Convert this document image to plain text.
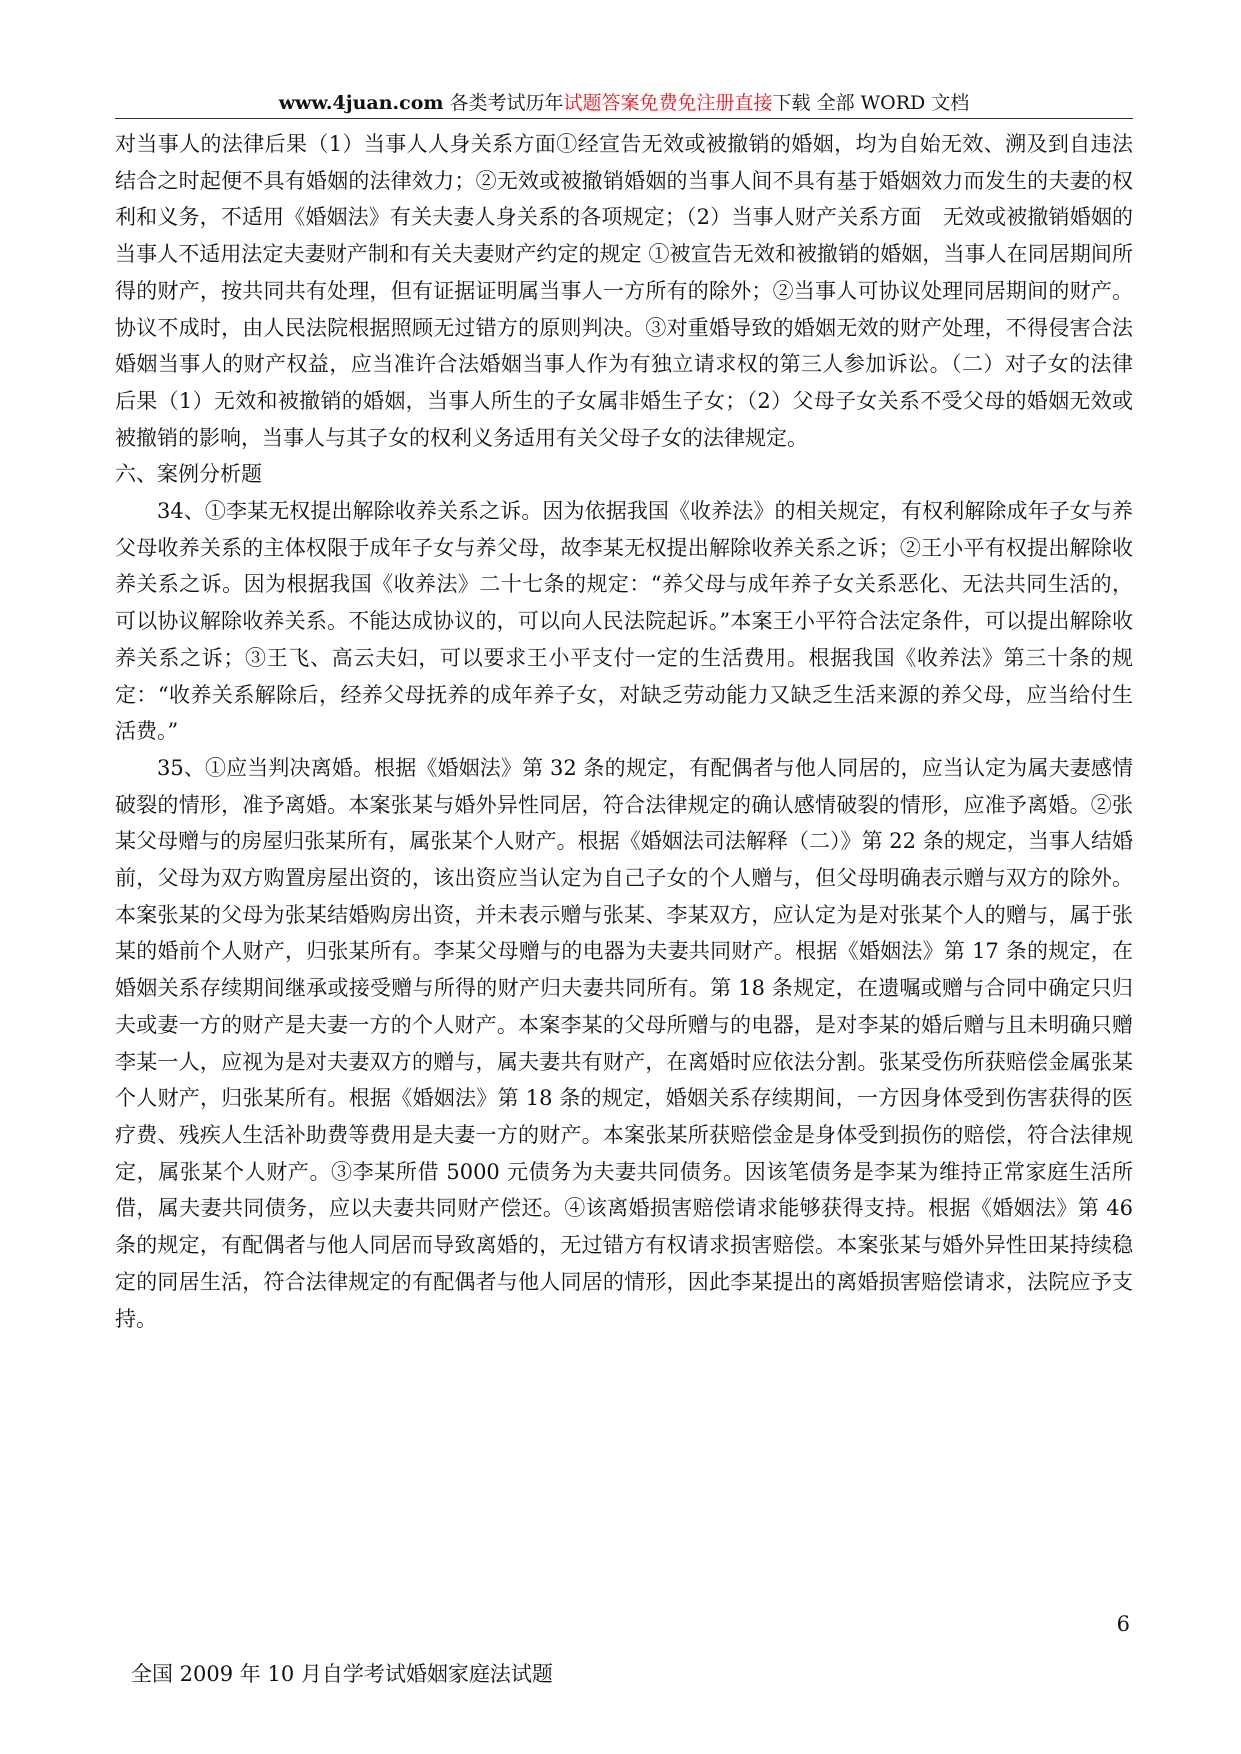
www.4juan.com 各类考试历年试题答案免费免注册直接下载 全部 WORD 文档

对当事人的法律后果（1）当事人人身关系方面①经宣告无效或被撤销的婚姻，均为自始无效、溯及到自违法结合之时起便不具有婚姻的法律效力；②无效或被撤销婚姻的当事人间不具有基于婚姻效力而发生的夫妻的权利和义务，不适用《婚姻法》有关夫妻人身关系的各项规定；（2）当事人财产关系方面　无效或被撤销婚姻的当事人不适用法定夫妻财产制和有关夫妻财产约定的规定 ①被宣告无效和被撤销的婚姻，当事人在同居期间所得的财产，按共同共有处理，但有证据证明属当事人一方所有的除外；②当事人可协议处理同居期间的财产。协议不成时，由人民法院根据照顾无过错方的原则判决。③对重婚导致的婚姻无效的财产处理，不得侵害合法婚姻当事人的财产权益，应当准许合法婚姻当事人作为有独立请求权的第三人参加诉讼。（二）对子女的法律后果（1）无效和被撤销的婚姻，当事人所生的子女属非婚生子女；（2）父母子女关系不受父母的婚姻无效或被撤销的影响，当事人与其子女的权利义务适用有关父母子女的法律规定。

六、案例分析题

34、①李某无权提出解除收养关系之诉。因为依据我国《收养法》的相关规定，有权利解除成年子女与养父母收养关系的主体权限于成年子女与养父母，故李某无权提出解除收养关系之诉；②王小平有权提出解除收养关系之诉。因为根据我国《收养法》二十七条的规定：“养父母与成年养子女关系恶化、无法共同生活的，可以协议解除收养关系。不能达成协议的，可以向人民法院起诉。”本案王小平符合法定条件，可以提出解除收养关系之诉；③王飞、高云夫妇，可以要求王小平支付一定的生活费用。根据我国《收养法》第三十条的规定：“收养关系解除后，经养父母抚养的成年养子女，对缺乏劳动能力又缺乏生活来源的养父母，应当给付生活费。”

35、①应当判决离婚。根据《婚姻法》第 32 条的规定，有配偶者与他人同居的，应当认定为属夫妻感情破裂的情形，准予离婚。本案张某与婚外异性同居，符合法律规定的确认感情破裂的情形，应准予离婚。②张某父母赠与的房屋归张某所有，属张某个人财产。根据《婚姻法司法解释（二）》第 22 条的规定，当事人结婚前，父母为双方购置房屋出资的，该出资应当认定为自己子女的个人赠与，但父母明确表示赠与双方的除外。本案张某的父母为张某结婚购房出资，并未表示赠与张某、李某双方，应认定为是对张某个人的赠与，属于张某的婚前个人财产，归张某所有。李某父母赠与的电器为夫妻共同财产。根据《婚姻法》第 17 条的规定，在婚姻关系存续期间继承或接受赠与所得的财产归夫妻共同所有。第 18 条规定，在遗嘱或赠与合同中确定只归夫或妻一方的财产是夫妻一方的个人财产。本案李某的父母所赠与的电器，是对李某的婚后赠与且未明确只赠李某一人，应视为是对夫妻双方的赠与，属夫妻共有财产，在离婚时应依法分割。张某受伤所获赔偿金属张某个人财产，归张某所有。根据《婚姻法》第 18 条的规定，婚姻关系存续期间，一方因身体受到伤害获得的医疗费、残疾人生活补助费等费用是夫妻一方的财产。本案张某所获赔偿金是身体受到损伤的赔偿，符合法律规定，属张某个人财产。③李某所借 5000 元债务为夫妻共同债务。因该笔债务是李某为维持正常家庭生活所借，属夫妻共同债务，应以夫妻共同财产偿还。④该离婚损害赔偿请求能够获得支持。根据《婚姻法》第 46 条的规定，有配偶者与他人同居而导致离婚的，无过错方有权请求损害赔偿。本案张某与婚外异性田某持续稳定的同居生活，符合法律规定的有配偶者与他人同居的情形，因此李某提出的离婚损害赔偿请求，法院应予支持。

6
全国 2009 年 10 月自学考试婚姻家庭法试题
